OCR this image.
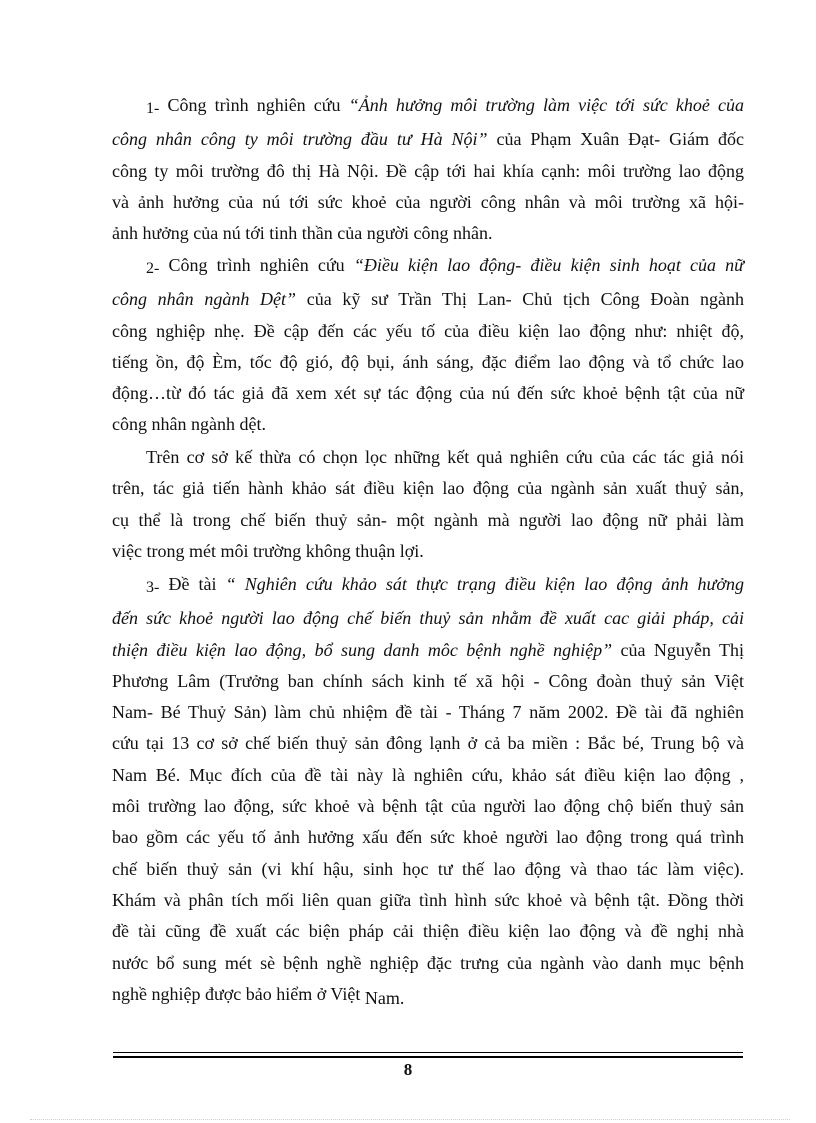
1- Công trình nghiên cứu “Ảnh hưởng môi trường làm việc tới sức khoẻ của
công nhân công ty môi trường đầu tư Hà Nội” của Phạm Xuân Đạt- Giám đốc
công ty môi trường đô thị Hà Nội. Đề cập tới hai khía cạnh: môi trường lao động
và ảnh hưởng của nú tới sức khoẻ của người công nhân và môi trường xã hội-
ảnh hưởng của nú tới tinh thần của người công nhân.
2- Công trình nghiên cứu “Điều kiện lao động- điều kiện sinh hoạt của nữ
công nhân ngành Dệt” của kỹ sư Trần Thị Lan- Chủ tịch Công Đoàn ngành
công nghiệp nhẹ. Đề cập đến các yếu tố của điều kiện lao động như: nhiệt độ,
tiếng ồn, độ Èm, tốc độ gió, độ bụi, ánh sáng, đặc điểm lao động và tổ chức lao
động…từ đó tác giả đã xem xét sự tác động của nú đến sức khoẻ bệnh tật của nữ
công nhân ngành dệt.
Trên cơ sở kế thừa có chọn lọc những kết quả nghiên cứu của các tác giả nói
trên, tác giả tiến hành khảo sát điều kiện lao động của ngành sản xuất thuỷ sản,
cụ thể là trong chế biến thuỷ sản- một ngành mà người lao động nữ phải làm
việc trong mét môi trường không thuận lợi.
3- Đề tài “ Nghiên cứu khảo sát thực trạng điều kiện lao động ảnh hưởng
đến sức khoẻ người lao động chế biến thuỷ sản nhằm đề xuất cac giải pháp, cải
thiện điều kiện lao động, bổ sung danh môc bệnh nghề nghiệp” của Nguyễn Thị
Phương Lâm (Trưởng ban chính sách kinh tế xã hội - Công đoàn thuỷ sản Việt
Nam- Bé Thuỷ Sản) làm chủ nhiệm đề tài - Tháng 7 năm 2002. Đề tài đã nghiên
cứu tại 13 cơ sở chế biến thuỷ sản đông lạnh ở cả ba miền : Bắc bé, Trung bộ và
Nam Bé. Mục đích của đề tài này là nghiên cứu, khảo sát điều kiện lao động ,
môi trường lao động, sức khoẻ và bệnh tật của người lao động chộ biến thuỷ sản
bao gồm các yếu tố ảnh hưởng xấu đến sức khoẻ người lao động trong quá trình
chế biến thuỷ sản (vi khí hậu, sinh học tư thế lao động và thao tác làm việc).
Khám và phân tích mối liên quan giữa tình hình sức khoẻ và bệnh tật. Đồng thời
đề tài cũng đề xuất các biện pháp cải thiện điều kiện lao động và đề nghị nhà
nước bổ sung mét sè bệnh nghề nghiệp đặc trưng của ngành vào danh mục bệnh
nghề nghiệp được bảo hiểm ở Việt Nam.
8
